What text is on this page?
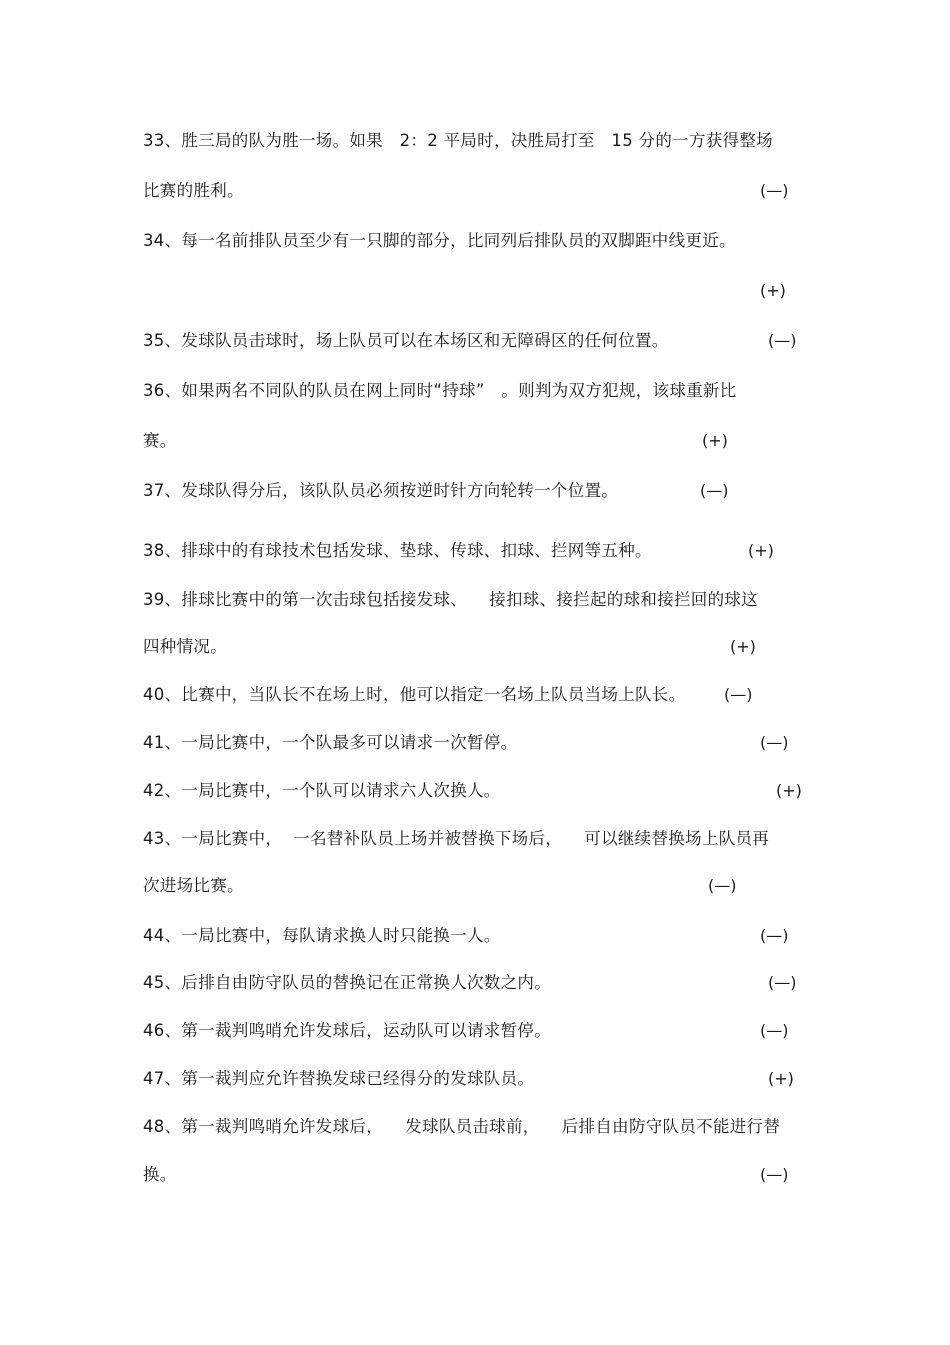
33、胜三局的队为胜一场。如果   2：2 平局时，决胜局打至   15 分的一方获得整场
比赛的胜利。	(—)
34、每一名前排队员至少有一只脚的部分，比同列后排队员的双脚距中线更近。
(+)
35、发球队员击球时，场上队员可以在本场区和无障碍区的任何位置。	(—)
36、如果两名不同队的队员在网上同时“持球”   。则判为双方犯规，该球重新比
赛。	(+)
37、发球队得分后，该队队员必须按逆时针方向轮转一个位置。	(—)
38、排球中的有球技术包括发球、垫球、传球、扣球、拦网等五种。	(+)
39、排球比赛中的第一次击球包括接发球、    接扣球、接拦起的球和接拦回的球这
四种情况。	(+)
40、比赛中，当队长不在场上时，他可以指定一名场上队员当场上队长。 (—)
41、一局比赛中，一个队最多可以请求一次暂停。	(—)
42、一局比赛中，一个队可以请求六人次换人。	(+)
43、一局比赛中，  一名替补队员上场并被替换下场后，    可以继续替换场上队员再
次进场比赛。	(—)
44、一局比赛中，每队请求换人时只能换一人。	(—)
45、后排自由防守队员的替换记在正常换人次数之内。	(—)
46、第一裁判鸣哨允许发球后，运动队可以请求暂停。	(—)
47、第一裁判应允许替换发球已经得分的发球队员。	(+)
48、第一裁判鸣哨允许发球后，    发球队员击球前，    后排自由防守队员不能进行替
换。	(—)
